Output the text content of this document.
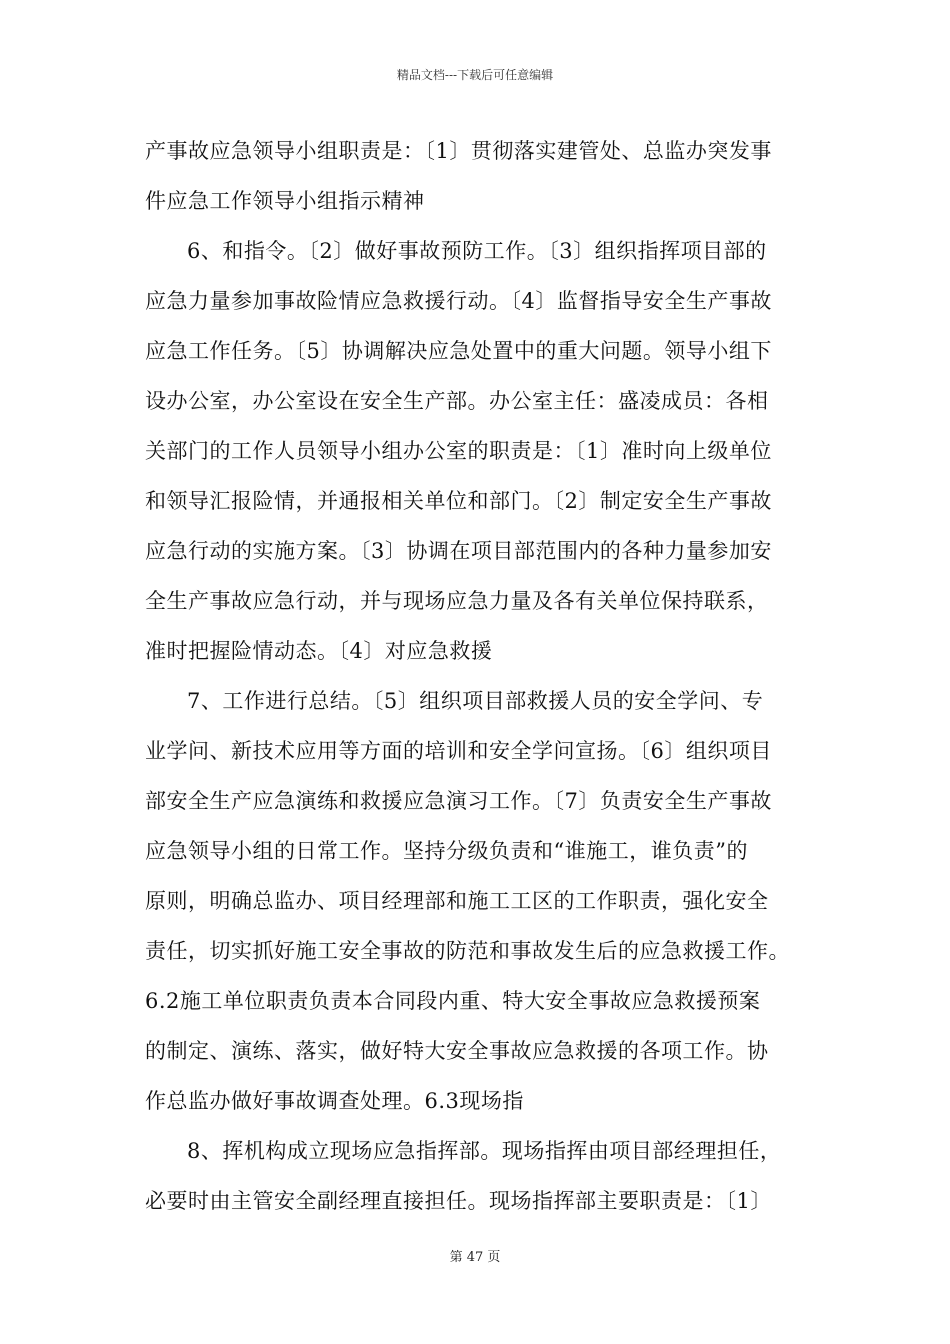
精品文档---下载后可任意编辑
产事故应急领导小组职责是：〔1〕贯彻落实建管处、总监办突发事
件应急工作领导小组指示精神
6、和指令。〔2〕做好事故预防工作。〔3〕组织指挥项目部的
应急力量参加事故险情应急救援行动。〔4〕监督指导安全生产事故
应急工作任务。〔5〕协调解决应急处置中的重大问题。领导小组下
设办公室，办公室设在安全生产部。办公室主任：盛凌成员：各相
关部门的工作人员领导小组办公室的职责是：〔1〕准时向上级单位
和领导汇报险情，并通报相关单位和部门。〔2〕制定安全生产事故
应急行动的实施方案。〔3〕协调在项目部范围内的各种力量参加安
全生产事故应急行动，并与现场应急力量及各有关单位保持联系，
准时把握险情动态。〔4〕对应急救援
7、工作进行总结。〔5〕组织项目部救援人员的安全学问、专
业学问、新技术应用等方面的培训和安全学问宣扬。〔6〕组织项目
部安全生产应急演练和救援应急演习工作。〔7〕负责安全生产事故
应急领导小组的日常工作。坚持分级负责和“谁施工，谁负责”的
原则，明确总监办、项目经理部和施工工区的工作职责，强化安全
责任，切实抓好施工安全事故的防范和事故发生后的应急救援工作。
6.2施工单位职责负责本合同段内重、特大安全事故应急救援预案
的制定、演练、落实，做好特大安全事故应急救援的各项工作。协
作总监办做好事故调查处理。6.3现场指
8、挥机构成立现场应急指挥部。现场指挥由项目部经理担任，
必要时由主管安全副经理直接担任。现场指挥部主要职责是：〔1〕
第 47 页
